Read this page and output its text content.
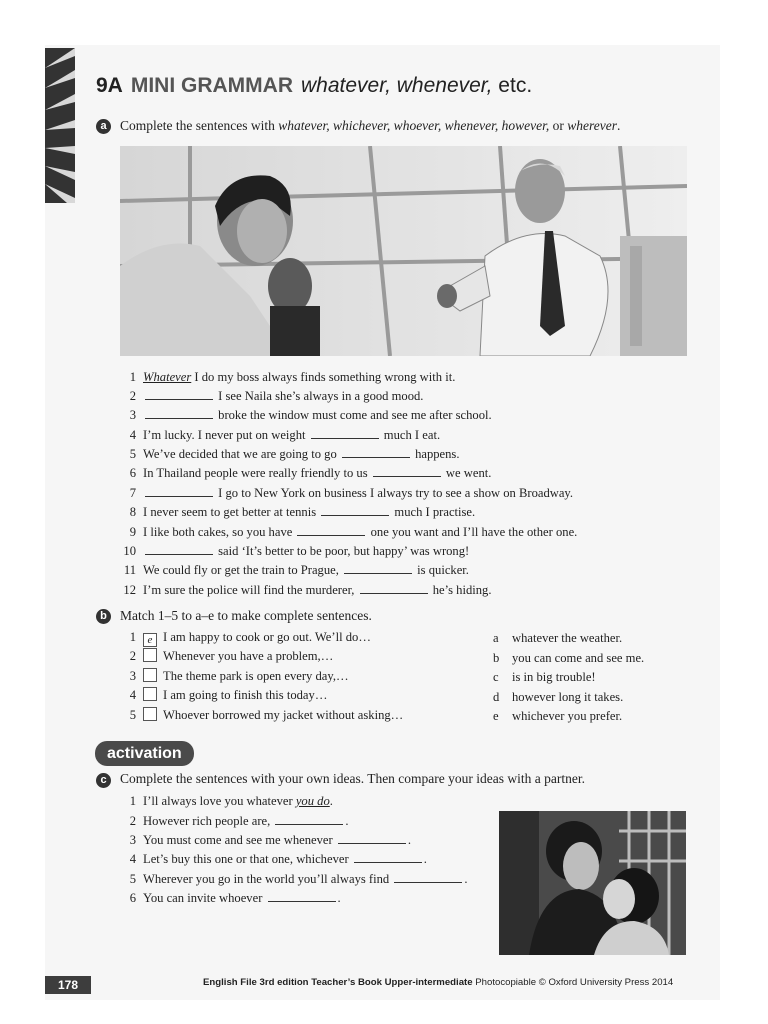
9A MINI GRAMMAR whatever, whenever, etc.
a Complete the sentences with whatever, whichever, whoever, whenever, however, or wherever.
1 Whatever I do my boss always finds something wrong with it.
2	I see Naila she’s always in a good mood.
3	broke the window must come and see me after school.
4 I’m lucky. I never put on weight	much I eat.
5 We’ve decided that we are going to go	happens.
6 In Thailand people were really friendly to us	we went.
7	I go to New York on business I always try to see a show on Broadway.
8 I never seem to get better at tennis	much I practise.
9 I like both cakes, so you have	one you want and I’ll have the other one.
10	said ‘It’s better to be poor, but happy’ was wrong!
11 We could fly or get the train to Prague,	is quicker.
12 I’m sure the police will find the murderer,	he’s hiding.
b Match 1–5 to a–e to make complete sentences.
1 e I am happy to cook or go out. We’ll do…
2 Whenever you have a problem,…
3 The theme park is open every day,…
4 I am going to finish this today…
5 Whoever borrowed my jacket without asking…
a whatever the weather.
b you can come and see me.
c is in big trouble!
d however long it takes.
e whichever you prefer.
activation
c Complete the sentences with your own ideas. Then compare your ideas with a partner.
1 I’ll always love you whatever you do.
2 However rich people are,	.
3 You must come and see me whenever	.
4 Let’s buy this one or that one, whichever	.
5 Wherever you go in the world you’ll always find	.
6 You can invite whoever	.
178	English File 3rd edition Teacher’s Book Upper-intermediate Photocopiable © Oxford University Press 2014
